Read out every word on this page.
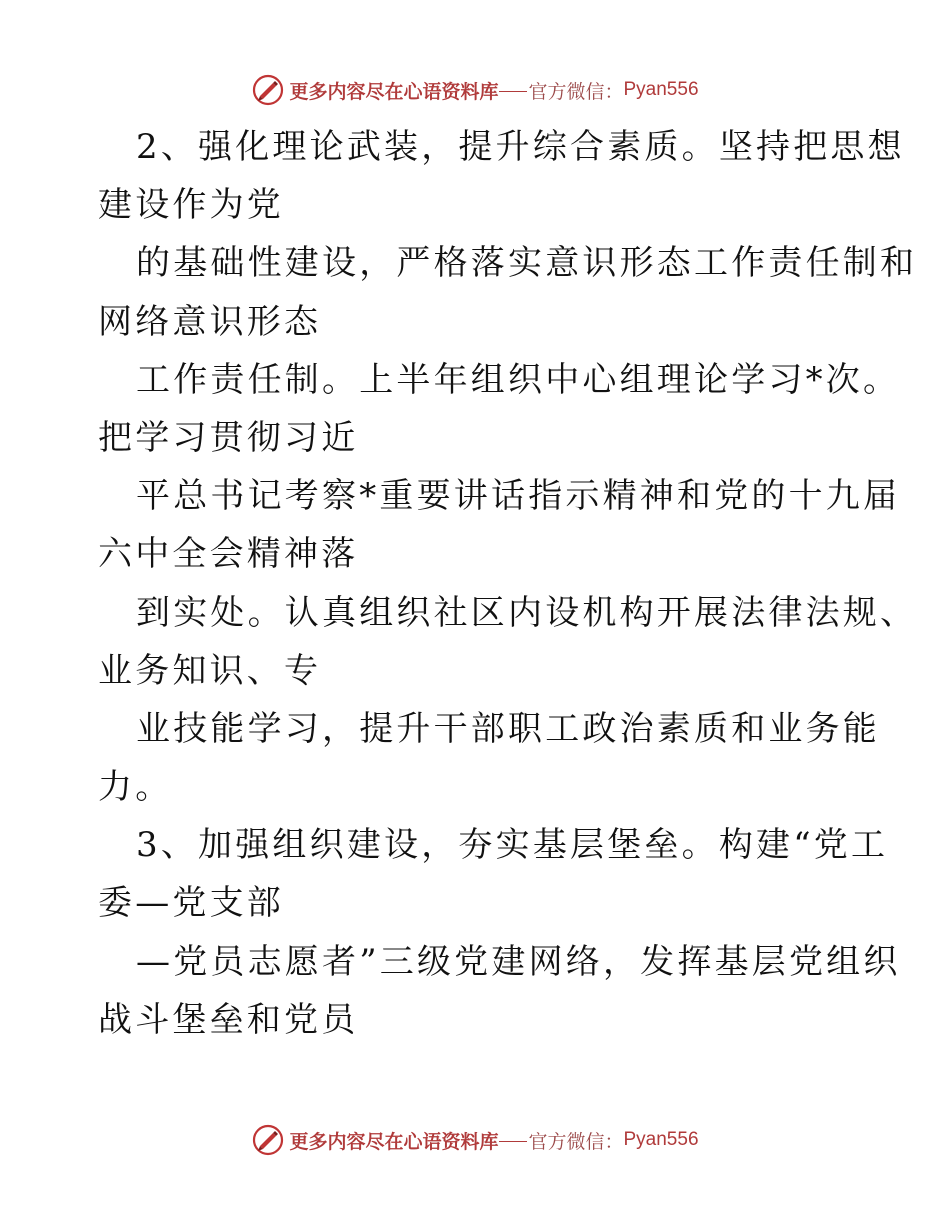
更多内容尽在心语资料库 官方微信： Pyan556
2、强化理论武装，提升综合素质。坚持把思想
建设作为党
的基础性建设，严格落实意识形态工作责任制和
网络意识形态
工作责任制。上半年组织中心组理论学习*次。
把学习贯彻习近
平总书记考察*重要讲话指示精神和党的十九届
六中全会精神落
到实处。认真组织社区内设机构开展法律法规、
业务知识、专
业技能学习，提升干部职工政治素质和业务能
力。
3、加强组织建设，夯实基层堡垒。构建“党工
委—党支部
—党员志愿者”三级党建网络，发挥基层党组织
战斗堡垒和党员
更多内容尽在心语资料库 官方微信： Pyan556
